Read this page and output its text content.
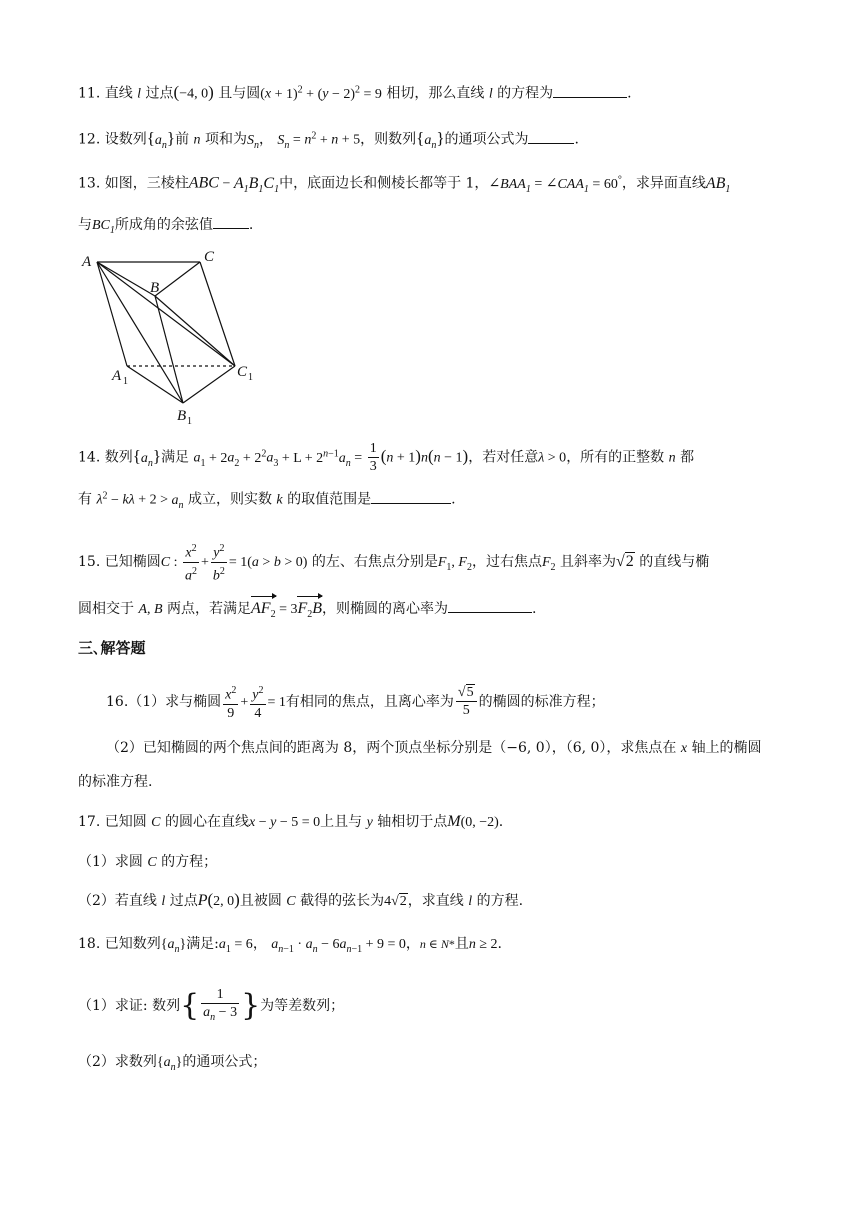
11. 直线 l 过点(−4, 0) 且与圆$(x + 1)^2 + (y - 2)^2 = 9$ 相切，那么直线 l 的方程为	.
12. 设数列$\{a_n\}$前 n 项和为$S_n$， $S_n = n^2 + n + 5$，则数列$\{a_n\}$的通项公式为	.
13. 如图，三棱柱ABC − $A_1B_1C_1$中，底面边长和侧棱长都等于 1，$\angle BAA_1$ = $\angle CAA_1 = 60^\circ$，求异面直线$AB_1$
与$BC_1$所成角的余弦值	.
A	C
B
A 1
C 1
B 1
14. 数列$\{a_n\}$满足 $a_1 + 2a_2 + 2^2a_3 + L + 2^{n-1}a_n = \frac{1}{3} (n + 1)n(n - 1)$，若对任意λ > 0，所有的正整数 n 都
有 $\lambda^2 - k\lambda + 2 > a_n$ 成立，则实数 k 的取值范围是	.
15. 已知椭圆C : $\frac{x^2}{a^2} + \frac{y^2}{b^2} = 1(a > b > 0)$ 的左、右焦点分别是$F_1$, $F_2$，过右焦点$F_2$ 且斜率为√2 的直线与椭
圆相交于 A, B 两点，若满足$AF_2 = 3F_2B$，则椭圆的离心率为	.
三､解答题
16.（1）求与椭圆 $\frac{x^2}{9} + \frac{y^2}{4} = 1$有相同的焦点，且离心率为 $\frac{√5}{5}$ 的椭圆的标准方程；
（2）已知椭圆的两个焦点间的距离为 8，两个顶点坐标分别是（−6, 0），（6, 0），求焦点在 x 轴上的椭圆
的标准方程.
17. 已知圆 C 的圆心在直线x − y − 5 = 0上且与 y 轴相切于点M(0, −2).
（1）求圆 C 的方程；
（2）若直线 l 过点P(2, 0)且被圆 C 截得的弦长为4√2，求直线 l 的方程.
18. 已知数列$\{a_n\}$满足$:a_1 = 6$， $a_{n-1} \cdot a_n - 6a_{n-1} + 9 = 0$，n ∈ N*且n ≥ 2.
（1）求证: 数列{ $\frac{1}{a_n - 3}$ }为等差数列；
（2）求数列$\{a_n\}$的通项公式；
